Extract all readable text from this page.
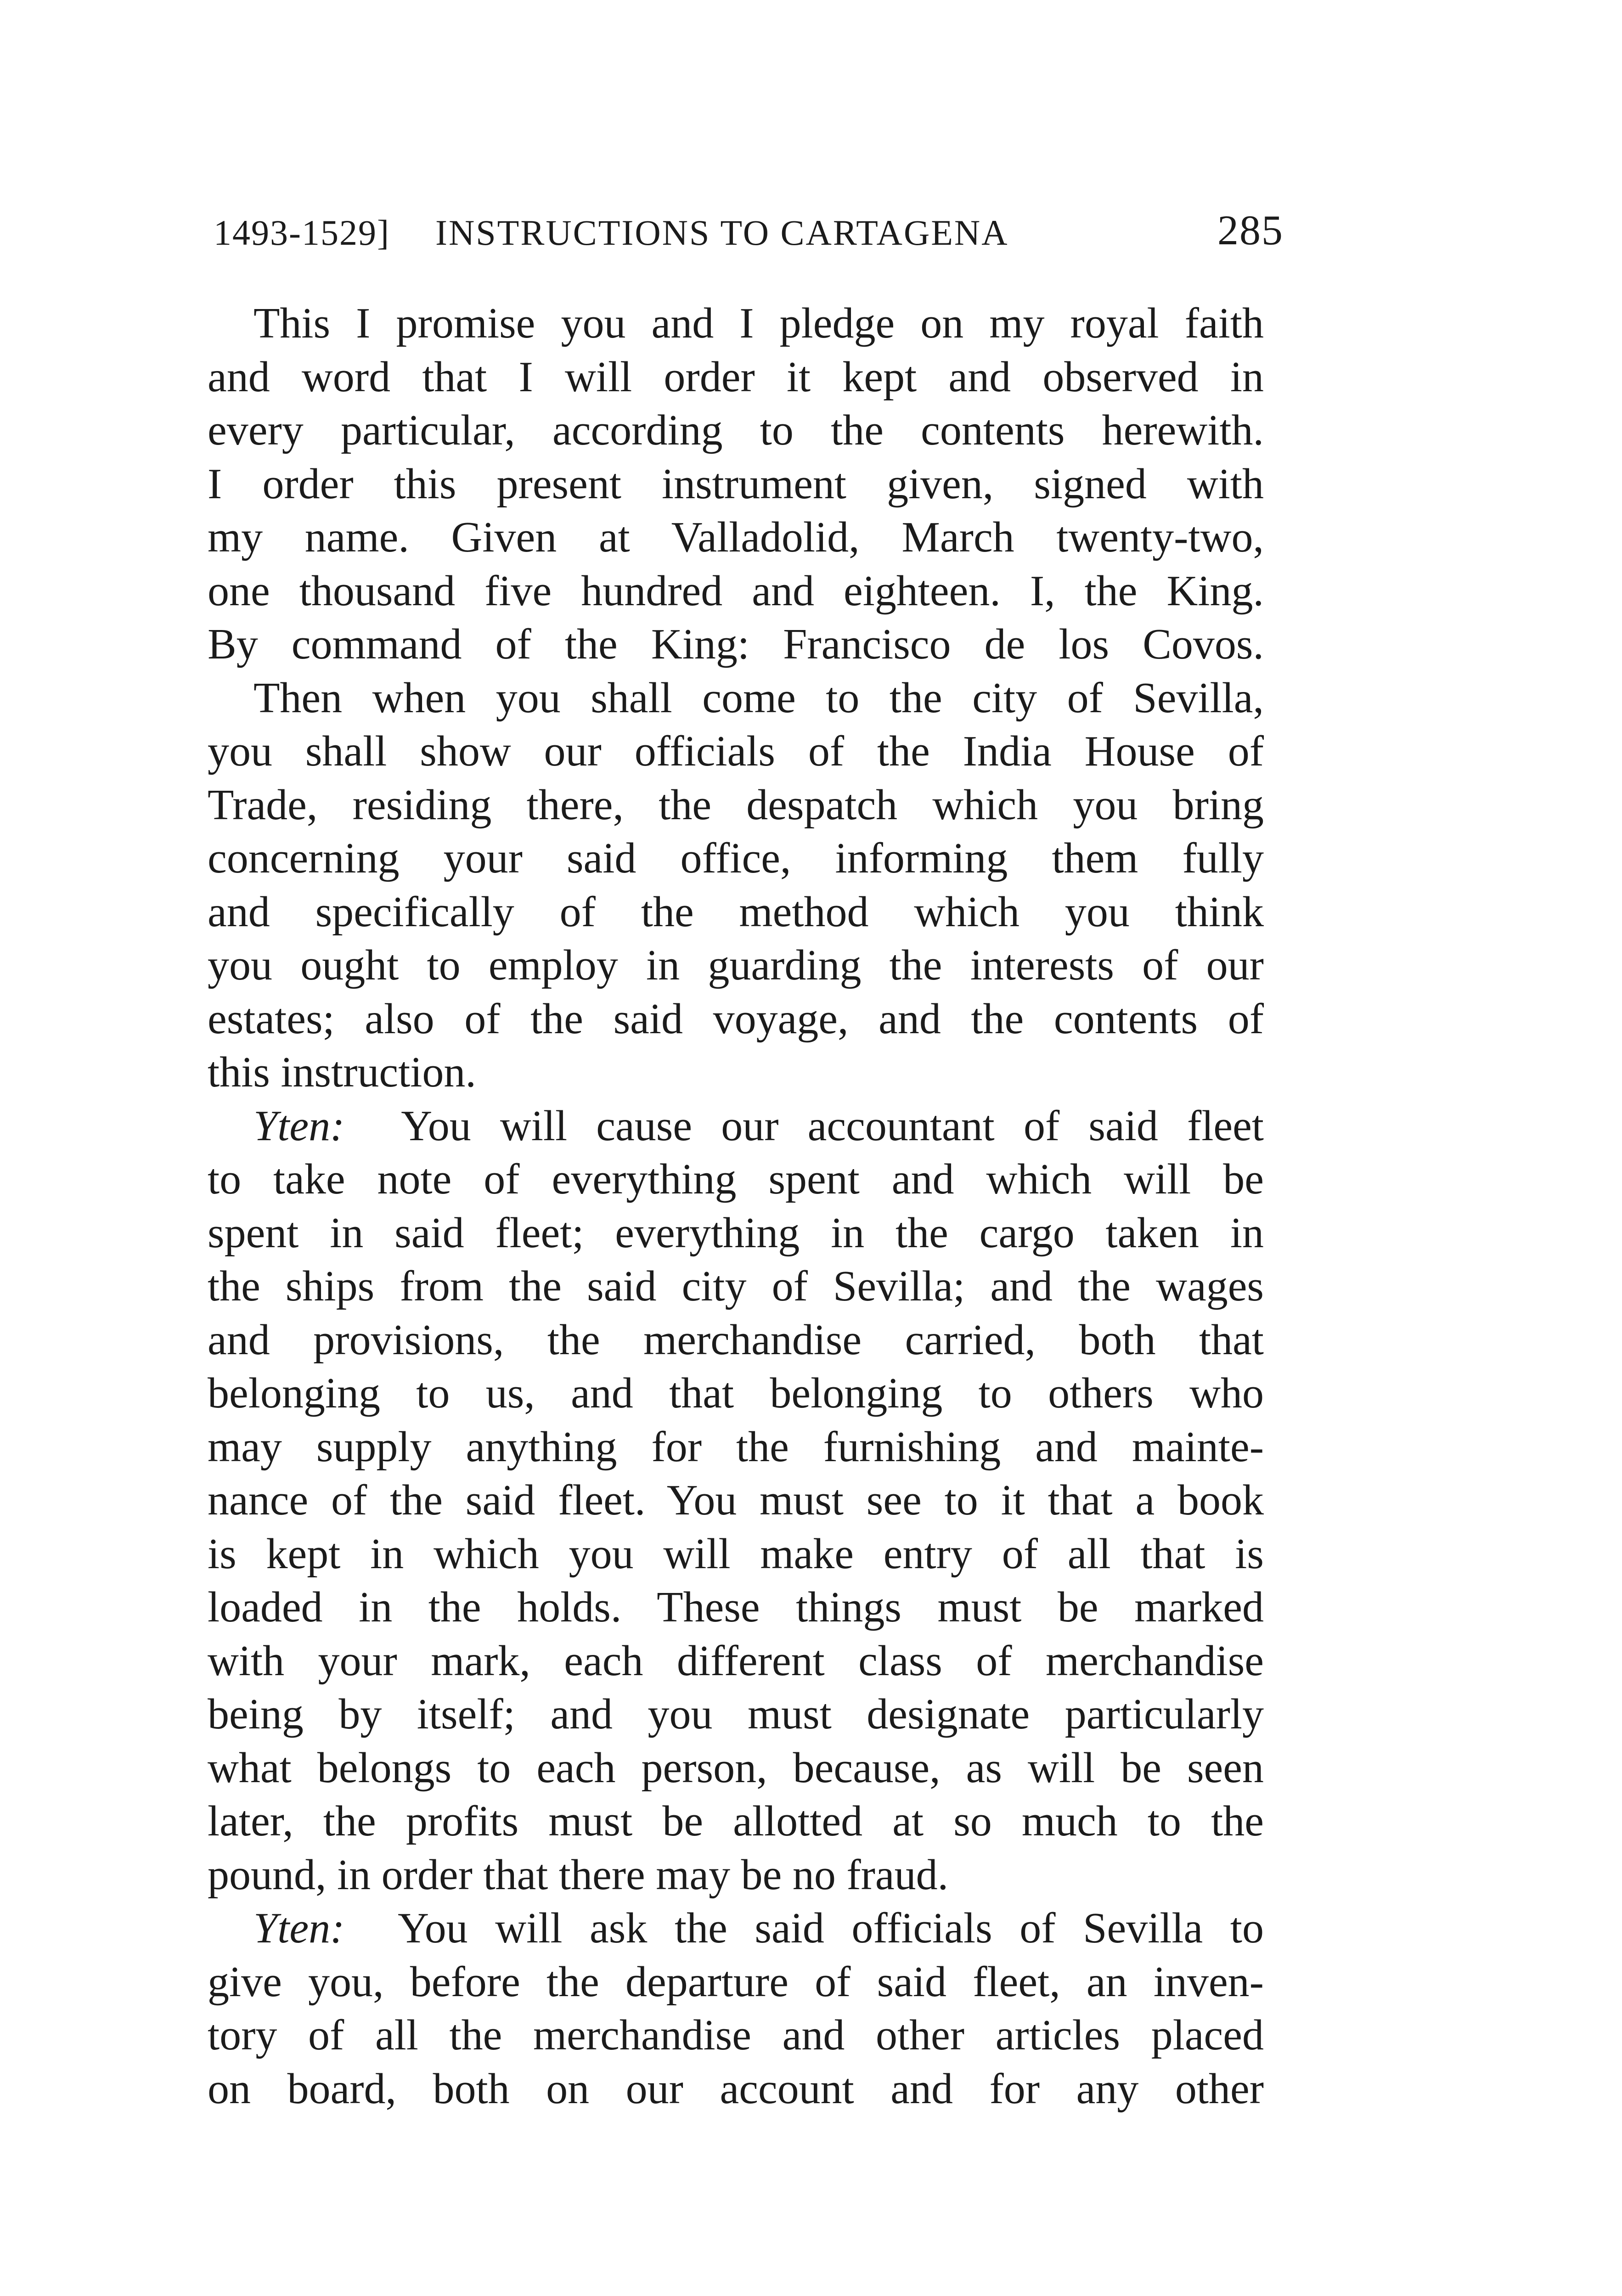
1493-1529] INSTRUCTIONS TO CARTAGENA	285
This I promise you and I pledge on my royal faith
and word that I will order it kept and observed in
every particular, according to the contents herewith.
I order this present instrument given, signed with
my name. Given at Valladolid, March twenty-two,
one thousand five hundred and eighteen. I, the King.
By command of the King: Francisco de los Covos.
Then when you shall come to the city of Sevilla,
you shall show our officials of the India House of
Trade, residing there, the despatch which you bring
concerning your said office, informing them fully
and specifically of the method which you think
you ought to employ in guarding the interests of our
estates; also of the said voyage, and the contents of
this instruction.
Yten: You will cause our accountant of said fleet
to take note of everything spent and which will be
spent in said fleet; everything in the cargo taken in
the ships from the said city of Sevilla; and the wages
and provisions, the merchandise carried, both that
belonging to us, and that belonging to others who
may supply anything for the furnishing and mainte-
nance of the said fleet. You must see to it that a book
is kept in which you will make entry of all that is
loaded in the holds. These things must be marked
with your mark, each different class of merchandise
being by itself; and you must designate particularly
what belongs to each person, because, as will be seen
later, the profits must be allotted at so much to the
pound, in order that there may be no fraud.
Yten: You will ask the said officials of Sevilla to
give you, before the departure of said fleet, an inven-
tory of all the merchandise and other articles placed
on board, both on our account and for any other
